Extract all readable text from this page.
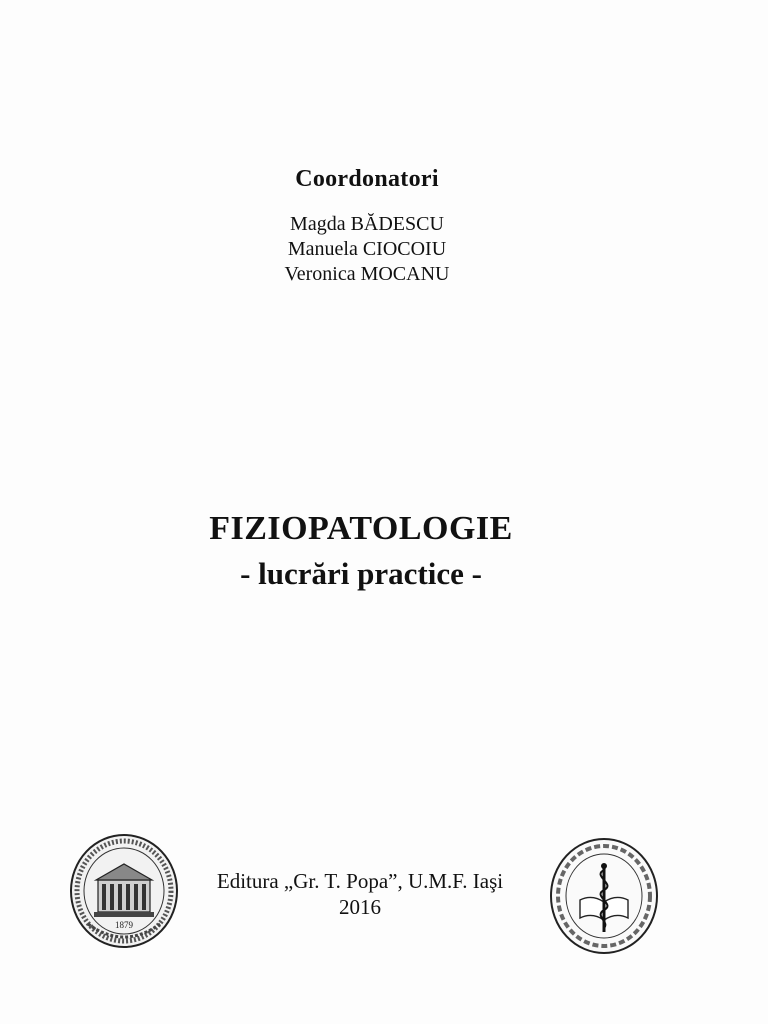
Coordonatori
Magda BĂDESCU
Manuela CIOCOIU
Veronica MOCANU
FIZIOPATOLOGIE
- lucrări practice -
1879
Editura „Gr. T. Popa”, U.M.F. Iaşi
2016
